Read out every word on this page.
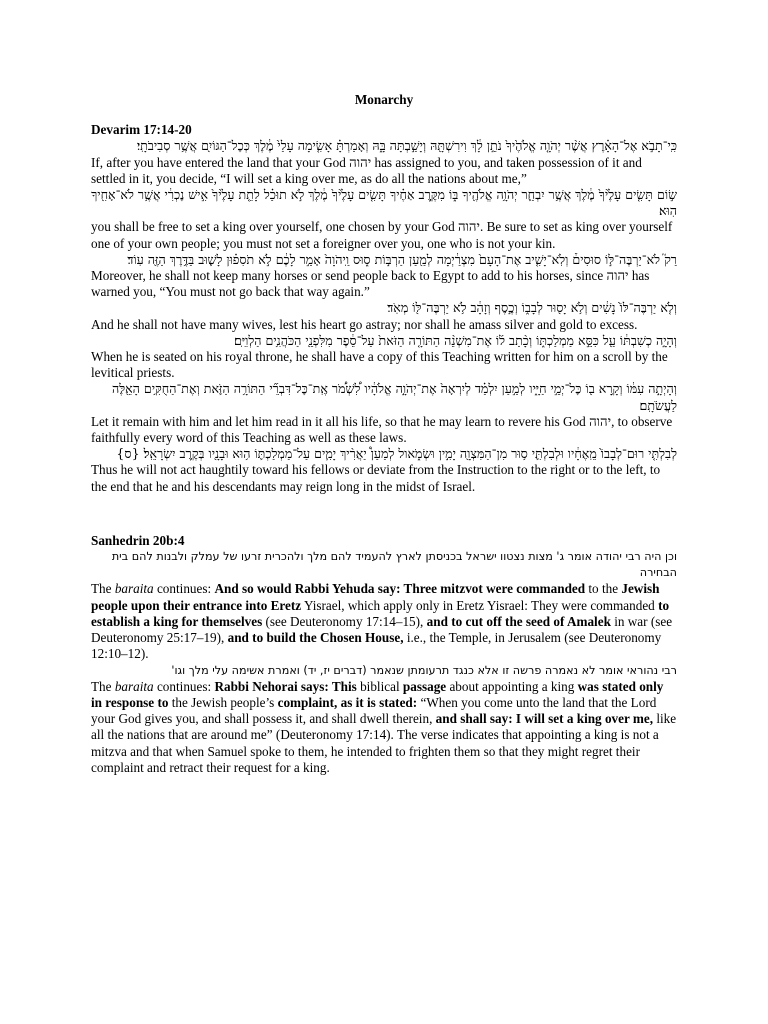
Monarchy

Devarim 17:14-20

כִּֽי־תָבֹ֣א אֶל־הָאָ֗רֶץ אֲשֶׁ֨ר יְהֹוָ֤ה אֱלֹהֶ֙יךָ֙ נֹתֵ֣ן לָ֔ךְ וִירִשְׁתָּ֖הּ וְיָשַׁ֣בְתָּה בָּ֑הּ וְאָמַרְתָּ֗ אָשִׂ֤ימָה עָלַי֙ מֶ֔לֶךְ כְּכׇל־הַגּוֹיִ֖ם אֲשֶׁ֥ר סְבִיבֹתָֽי׃

If, after you have entered the land that your God יהוה has assigned to you, and taken possession of it and settled in it, you decide, “I will set a king over me, as do all the nations about me,”

שׂ֣וֹם תָּשִׂ֤ים עָלֶ֙יךָ֙ מֶ֔לֶךְ אֲשֶׁ֥ר יִבְחַ֛ר יְהֹוָ֥ה אֱלֹהֶ֖יךָ בּ֑וֹ מִקֶּ֣רֶב אַחֶ֗יךָ תָּשִׂ֤ים עָלֶ֙יךָ֙ מֶ֔לֶךְ לֹ֣א תוּכַ֗ל לָתֵ֤ת עָלֶ֙יךָ֙ אִ֣ישׁ נׇכְרִ֔י אֲשֶׁ֥ר לֹא־אָחִ֖יךָ הֽוּא׃

you shall be free to set a king over yourself, one chosen by your God יהוה. Be sure to set as king over yourself one of your own people; you must not set a foreigner over you, one who is not your kin.

רַק֮ לֹא־יַרְבֶּה־לּ֣וֹ סוּסִים֒ וְלֹֽא־יָשִׁ֤יב אֶת־הָעָם֙ מִצְרַ֔יְמָה לְמַ֖עַן הַרְבּ֣וֹת ס֑וּס וַֽיהֹוָה֙ אָמַ֣ר לָכֶ֔ם לֹ֣א תֹסִפ֗וּן לָשׁ֛וּב בַּדֶּ֥רֶךְ הַזֶּ֖ה עֽוֹד׃

Moreover, he shall not keep many horses or send people back to Egypt to add to his horses, since יהוה has warned you, “You must not go back that way again.”

וְלֹ֤א יַרְבֶּה־לּוֹ֙ נָשִׁ֔ים וְלֹ֥א יָס֖וּר לְבָב֑וֹ וְכֶ֣סֶף וְזָהָ֔ב לֹ֥א יַרְבֶּה־לּ֖וֹ מְאֹֽד׃

And he shall not have many wives, lest his heart go astray; nor shall he amass silver and gold to excess.

וְהָיָ֣ה כְשִׁבְתּ֔וֹ עַ֖ל כִּסֵּ֣א מַמְלַכְתּ֑וֹ וְכָ֨תַב ל֜וֹ אֶת־מִשְׁנֵ֨ה הַתּוֹרָ֤ה הַזֹּאת֙ עַל־סֵ֔פֶר מִלִּפְנֵ֖י הַכֹּהֲנִ֥ים הַלְוִיִּֽם׃

When he is seated on his royal throne, he shall have a copy of this Teaching written for him on a scroll by the levitical priests.

וְהָיְתָ֣ה עִמּ֔וֹ וְקָ֥רָא ב֖וֹ כׇּל־יְמֵ֣י חַיָּ֑יו לְמַ֣עַן יִלְמַ֗ד לְיִרְאָה֙ אֶת־יְהֹוָ֣ה אֱלֹהָ֔יו לִ֠שְׁמֹ֠ר אֶֽת־כׇּל־דִּבְרֵ֞י הַתּוֹרָ֥ה הַזֹּ֛את וְאֶת־הַחֻקִּ֥ים הָאֵ֖לֶּה לַעֲשֹׂתָֽם׃

Let it remain with him and let him read in it all his life, so that he may learn to revere his God יהוה, to observe faithfully every word of this Teaching as well as these laws.

לְבִלְתִּ֤י רוּם־לְבָבוֹ֙ מֵֽאֶחָ֔יו וּלְבִלְתִּ֛י ס֥וּר מִן־הַמִּצְוָ֖ה יָמִ֣ין וּשְׂמֹ֑אול לְמַעַן֩ יַאֲרִ֨יךְ יָמִ֧ים עַל־מַמְלַכְתּ֛וֹ ה֥וּא וּבָנָ֖יו בְּקֶ֥רֶב יִשְׂרָאֵֽל׃ {ס}

Thus he will not act haughtily toward his fellows or deviate from the Instruction to the right or to the left, to the end that he and his descendants may reign long in the midst of Israel.

Sanhedrin 20b:4

וכן היה רבי יהודה אומר ג' מצות נצטוו ישראל בכניסתן לארץ להעמיד להם מלך ולהכרית זרעו של עמלק ולבנות להם בית הבחירה

The baraita continues: And so would Rabbi Yehuda say: Three mitzvot were commanded to the Jewish people upon their entrance into Eretz Yisrael, which apply only in Eretz Yisrael: They were commanded to establish a king for themselves (see Deuteronomy 17:14–15), and to cut off the seed of Amalek in war (see Deuteronomy 25:17–19), and to build the Chosen House, i.e., the Temple, in Jerusalem (see Deuteronomy 12:10–12).

רבי נהוראי אומר לא נאמרה פרשה זו אלא כנגד תרעומתן שנאמר (דברים יז, יד) ואמרת אשימה עלי מלך וגו'

The baraita continues: Rabbi Nehorai says: This biblical passage about appointing a king was stated only in response to the Jewish people’s complaint, as it is stated: “When you come unto the land that the Lord your God gives you, and shall possess it, and shall dwell therein, and shall say: I will set a king over me, like all the nations that are around me” (Deuteronomy 17:14). The verse indicates that appointing a king is not a mitzva and that when Samuel spoke to them, he intended to frighten them so that they might regret their complaint and retract their request for a king.
